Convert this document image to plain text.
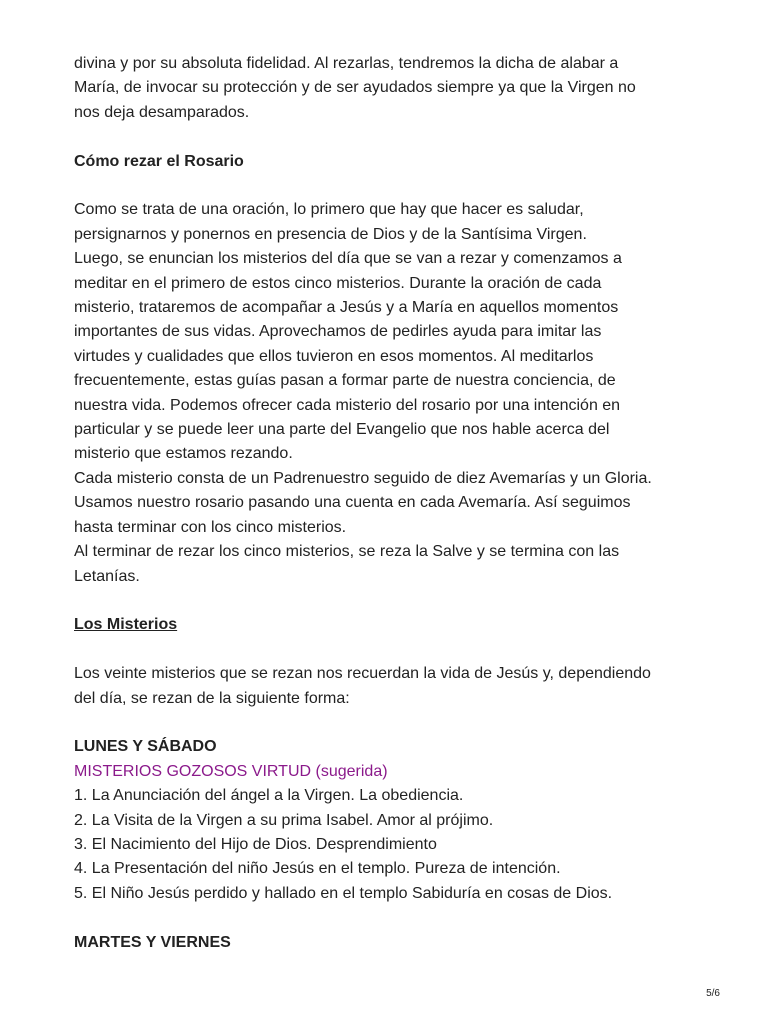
divina y por su absoluta fidelidad. Al rezarlas, tendremos la dicha de alabar a
María, de invocar su protección y de ser ayudados siempre ya que la Virgen no
nos deja desamparados.
Cómo rezar el Rosario
Como se trata de una oración, lo primero que hay que hacer es saludar,
persignarnos y ponernos en presencia de Dios y de la Santísima Virgen.
Luego, se enuncian los misterios del día que se van a rezar y comenzamos a
meditar en el primero de estos cinco misterios. Durante la oración de cada
misterio, trataremos de acompañar a Jesús y a María en aquellos momentos
importantes de sus vidas. Aprovechamos de pedirles ayuda para imitar las
virtudes y cualidades que ellos tuvieron en esos momentos. Al meditarlos
frecuentemente, estas guías pasan a formar parte de nuestra conciencia, de
nuestra vida. Podemos ofrecer cada misterio del rosario por una intención en
particular y se puede leer una parte del Evangelio que nos hable acerca del
misterio que estamos rezando.
Cada misterio consta de un Padrenuestro seguido de diez Avemarías y un Gloria.
Usamos nuestro rosario pasando una cuenta en cada Avemaría. Así seguimos
hasta terminar con los cinco misterios.
Al terminar de rezar los cinco misterios, se reza la Salve y se termina con las
Letanías.
Los Misterios
Los veinte misterios que se rezan nos recuerdan la vida de Jesús y, dependiendo
del día, se rezan de la siguiente forma:
LUNES Y SÁBADO
MISTERIOS GOZOSOS VIRTUD (sugerida)
1. La Anunciación del ángel a la Virgen. La obediencia.
2. La Visita de la Virgen a su prima Isabel. Amor al prójimo.
3. El Nacimiento del Hijo de Dios. Desprendimiento
4. La Presentación del niño Jesús en el templo. Pureza de intención.
5. El Niño Jesús perdido y hallado en el templo Sabiduría en cosas de Dios.
MARTES Y VIERNES
5/6
